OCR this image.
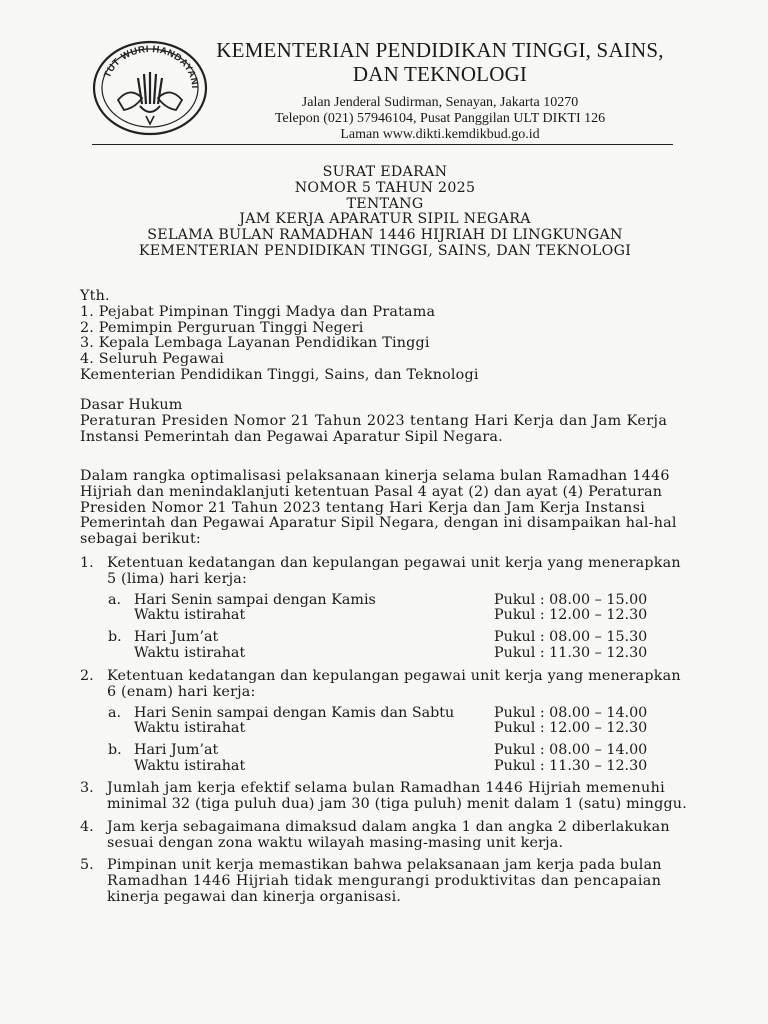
TUT WURI HANDAYANI
KEMENTERIAN PENDIDIKAN TINGGI, SAINS,
DAN TEKNOLOGI
Jalan Jenderal Sudirman, Senayan, Jakarta 10270
Telepon (021) 57946104, Pusat Panggilan ULT DIKTI 126
Laman www.dikti.kemdikbud.go.id
SURAT EDARAN
NOMOR 5 TAHUN 2025
TENTANG
JAM KERJA APARATUR SIPIL NEGARA
SELAMA BULAN RAMADHAN 1446 HIJRIAH DI LINGKUNGAN
KEMENTERIAN PENDIDIKAN TINGGI, SAINS, DAN TEKNOLOGI
Yth.
1. Pejabat Pimpinan Tinggi Madya dan Pratama
2. Pemimpin Perguruan Tinggi Negeri
3. Kepala Lembaga Layanan Pendidikan Tinggi
4. Seluruh Pegawai
Kementerian Pendidikan Tinggi, Sains, dan Teknologi
Dasar Hukum
Peraturan Presiden Nomor 21 Tahun 2023 tentang Hari Kerja dan Jam Kerja
Instansi Pemerintah dan Pegawai Aparatur Sipil Negara.
Dalam rangka optimalisasi pelaksanaan kinerja selama bulan Ramadhan 1446
Hijriah dan menindaklanjuti ketentuan Pasal 4 ayat (2) dan ayat (4) Peraturan
Presiden Nomor 21 Tahun 2023 tentang Hari Kerja dan Jam Kerja Instansi
Pemerintah dan Pegawai Aparatur Sipil Negara, dengan ini disampaikan hal-hal
sebagai berikut:
1. Ketentuan kedatangan dan kepulangan pegawai unit kerja yang menerapkan
5 (lima) hari kerja:
a. Hari Senin sampai dengan Kamis	Pukul : 08.00 – 15.00
Waktu istirahat	Pukul : 12.00 – 12.30
b. Hari Jum’at	Pukul : 08.00 – 15.30
Waktu istirahat	Pukul : 11.30 – 12.30
2. Ketentuan kedatangan dan kepulangan pegawai unit kerja yang menerapkan
6 (enam) hari kerja:
a. Hari Senin sampai dengan Kamis dan Sabtu	Pukul : 08.00 – 14.00
Waktu istirahat	Pukul : 12.00 – 12.30
b. Hari Jum’at	Pukul : 08.00 – 14.00
Waktu istirahat	Pukul : 11.30 – 12.30
3. Jumlah jam kerja efektif selama bulan Ramadhan 1446 Hijriah memenuhi
minimal 32 (tiga puluh dua) jam 30 (tiga puluh) menit dalam 1 (satu) minggu.
4. Jam kerja sebagaimana dimaksud dalam angka 1 dan angka 2 diberlakukan
sesuai dengan zona waktu wilayah masing-masing unit kerja.
5. Pimpinan unit kerja memastikan bahwa pelaksanaan jam kerja pada bulan
Ramadhan 1446 Hijriah tidak mengurangi produktivitas dan pencapaian
kinerja pegawai dan kinerja organisasi.
